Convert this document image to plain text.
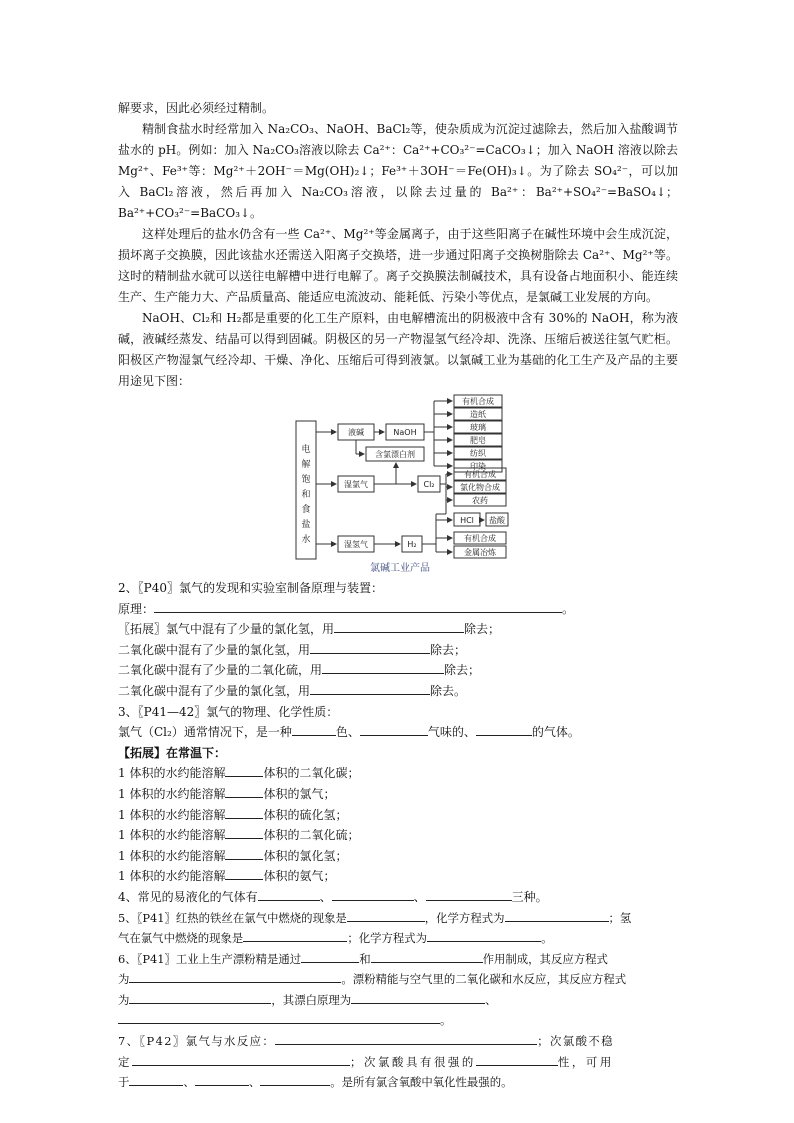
解要求，因此必须经过精制。

精制食盐水时经常加入 Na₂CO₃、NaOH、BaCl₂等，使杂质成为沉淀过滤除去，然后加入盐酸调节盐水的 pH。例如：加入 Na₂CO₃溶液以除去 Ca²⁺：Ca²⁺+CO₃²⁻=CaCO₃↓；加入 NaOH 溶液以除去 Mg²⁺、Fe³⁺等：Mg²⁺＋2OH⁻＝Mg(OH)₂↓；Fe³⁺＋3OH⁻＝Fe(OH)₃↓。为了除去 SO₄²⁻，可以加入 BaCl₂溶液，然后再加入 Na₂CO₃溶液，以除去过量的 Ba²⁺：Ba²⁺+SO₄²⁻=BaSO₄↓；Ba²⁺+CO₃²⁻=BaCO₃↓。

这样处理后的盐水仍含有一些 Ca²⁺、Mg²⁺等金属离子，由于这些阳离子在碱性环境中会生成沉淀，损坏离子交换膜，因此该盐水还需送入阳离子交换塔，进一步通过阳离子交换树脂除去 Ca²⁺、Mg²⁺等。这时的精制盐水就可以送往电解槽中进行电解了。离子交换膜法制碱技术，具有设备占地面积小、能连续生产、生产能力大、产品质量高、能适应电流波动、能耗低、污染小等优点，是氯碱工业发展的方向。

NaOH、Cl₂和 H₂都是重要的化工生产原料，由电解槽流出的阴极液中含有 30%的 NaOH，称为液碱，液碱经蒸发、结晶可以得到固碱。阴极区的另一产物湿氢气经冷却、洗涤、压缩后被送往氢气贮柜。阳极区产物湿氯气经冷却、干燥、净化、压缩后可得到液氯。以氯碱工业为基础的化工生产及产品的主要用途见下图：

电
解
饱
和
食
盐
水
液碱	NaOH
含氯漂白剂
有机合成
造纸
玻璃
肥皂
纺织
印染
湿氯气	Cl₂
有机合成
氯化物合成
农药
HCl 盐酸
湿氢气	H₂
有机合成
金属冶炼
氯碱工业产品

2、〖P40〗氯气的发现和实验室制备原理与装置：

原理：	。

〖拓展〗氯气中混有了少量的氯化氢，用	除去；

二氧化碳中混有了少量的氯化氢，用	除去；

二氧化碳中混有了少量的二氧化硫，用	除去；

二氧化碳中混有了少量的氯化氢，用	除去。

3、〖P41—42〗氯气的物理、化学性质：

氯气（Cl₂）通常情况下，是一种	色、	气味的、	的气体。

【拓展】在常温下：

1 体积的水约能溶解	体积的二氧化碳；

1 体积的水约能溶解	体积的氯气；

1 体积的水约能溶解	体积的硫化氢；

1 体积的水约能溶解	体积的二氧化硫；

1 体积的水约能溶解	体积的氯化氢；

1 体积的水约能溶解	体积的氨气；

4、常见的易液化的气体有	、	、	三种。

5、〖P41〗红热的铁丝在氯气中燃烧的现象是	，化学方程式为	；氢

气在氯气中燃烧的现象是	；化学方程式为	。

6、〖P41〗工业上生产漂粉精是通过	和	作用制成，其反应方程式

为	。漂粉精能与空气里的二氧化碳和水反应，其反应方程式

为	，其漂白原理为	、

。

7、〖P42〗氯气与水反应：	；次氯酸不稳

定	；次氯酸具有很强的	性，可用

于	、	、	。是所有氯含氧酸中氧化性最强的。
